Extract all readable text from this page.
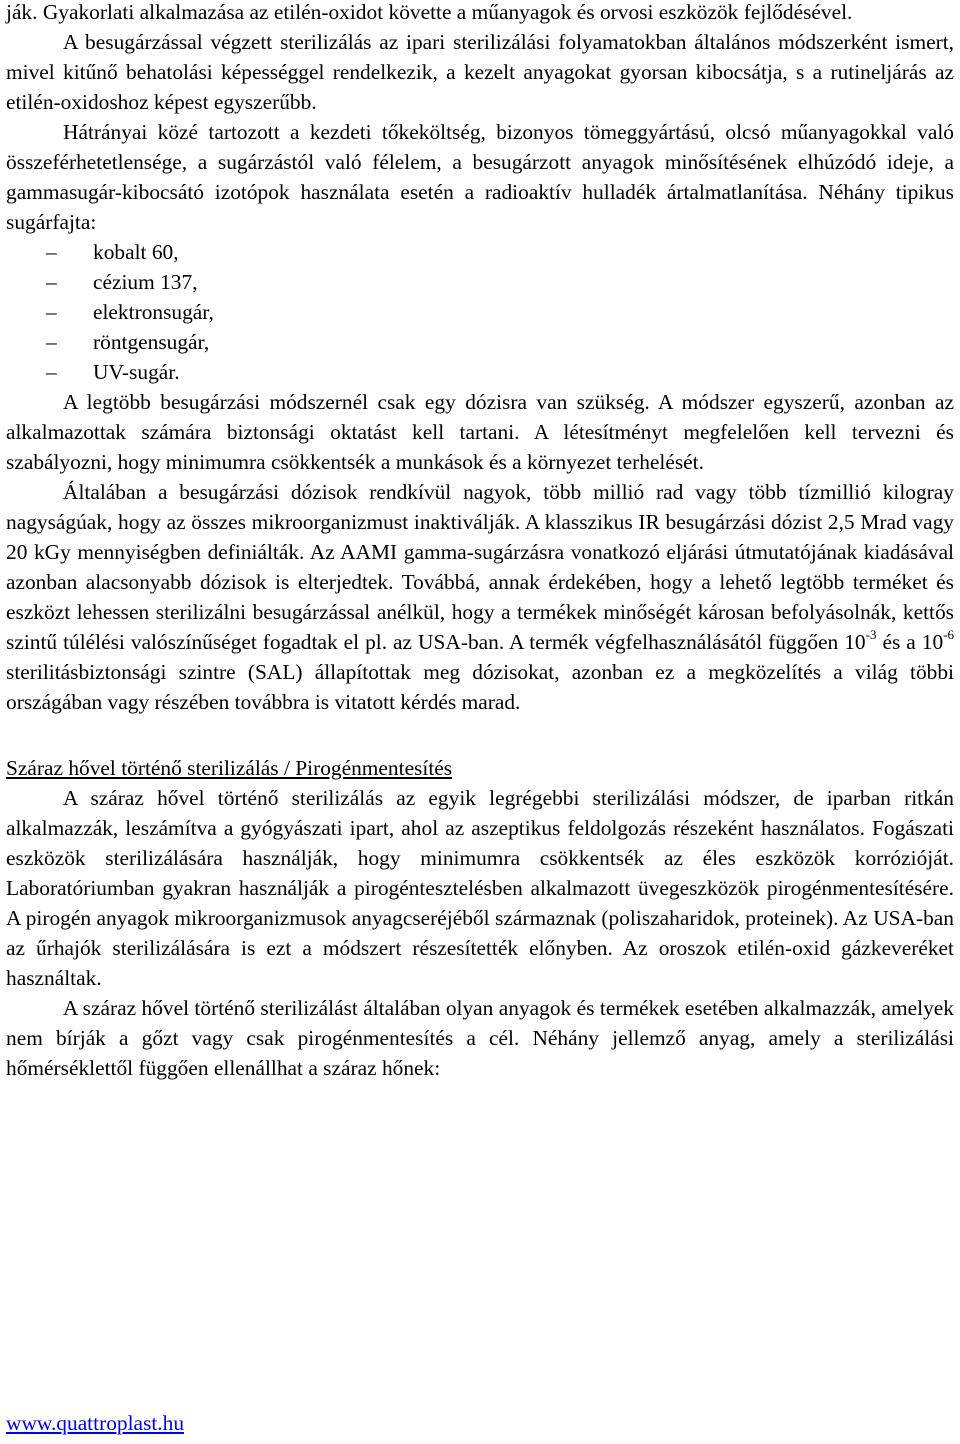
ják. Gyakorlati alkalmazása az etilén-oxidot követte a műanyagok és orvosi eszközök fejlődésével.

A besugárzással végzett sterilizálás az ipari sterilizálási folyamatokban általános módszerként ismert, mivel kitűnő behatolási képességgel rendelkezik, a kezelt anyagokat gyorsan kibocsátja, s a rutineljárás az etilén-oxidoshoz képest egyszerűbb.

Hátrányai közé tartozott a kezdeti tőkeköltség, bizonyos tömeggyártású, olcsó műanyagokkal való összeférhetetlensége, a sugárzástól való félelem, a besugárzott anyagok minősítésének elhúzódó ideje, a gammasugár-kibocsátó izotópok használata esetén a radioaktív hulladék ártalmatlanítása. Néhány tipikus sugárfajta:

– kobalt 60,
– cézium 137,
– elektronsugár,
– röntgensugár,
– UV-sugár.

A legtöbb besugárzási módszernél csak egy dózisra van szükség. A módszer egyszerű, azonban az alkalmazottak számára biztonsági oktatást kell tartani. A létesítményt megfelelően kell tervezni és szabályozni, hogy minimumra csökkentsék a munkások és a környezet terhelését.

Általában a besugárzási dózisok rendkívül nagyok, több millió rad vagy több tízmillió kilogray nagyságúak, hogy az összes mikroorganizmust inaktiválják. A klasszikus IR besugárzási dózist 2,5 Mrad vagy 20 kGy mennyiségben definiálták. Az AAMI gamma-sugárzásra vonatkozó eljárási útmutatójának kiadásával azonban alacsonyabb dózisok is elterjedtek. Továbbá, annak érdekében, hogy a lehető legtöbb terméket és eszközt lehessen sterilizálni besugárzással anélkül, hogy a termékek minőségét károsan befolyásolnák, kettős szintű túlélési valószínűséget fogadtak el pl. az USA-ban. A termék végfelhasználásától függően $10^{-3}$ és a $10^{-6}$ sterilitásbiztonsági szintre (SAL) állapítottak meg dózisokat, azonban ez a megközelítés a világ többi országában vagy részében továbbra is vitatott kérdés marad.

Száraz hővel történő sterilizálás / Pirogénmentesítés

A száraz hővel történő sterilizálás az egyik legrégebbi sterilizálási módszer, de iparban ritkán alkalmazzák, leszámítva a gyógyászati ipart, ahol az aszeptikus feldolgozás részeként használatos. Fogászati eszközök sterilizálására használják, hogy minimumra csökkentsék az éles eszközök korrózióját. Laboratóriumban gyakran használják a pirogéntesztelésben alkalmazott üvegeszközök pirogénmentesítésére. A pirogén anyagok mikroorganizmusok anyagcseréjéből származnak (poliszaharidok, proteinek). Az USA-ban az űrhajók sterilizálására is ezt a módszert részesítették előnyben. Az oroszok etilén-oxid gázkeveréket használtak.

A száraz hővel történő sterilizálást általában olyan anyagok és termékek esetében alkalmazzák, amelyek nem bírják a gőzt vagy csak pirogénmentesítés a cél. Néhány jellemző anyag, amely a sterilizálási hőmérséklettől függően ellenállhat a száraz hőnek:

www.quattroplast.hu
